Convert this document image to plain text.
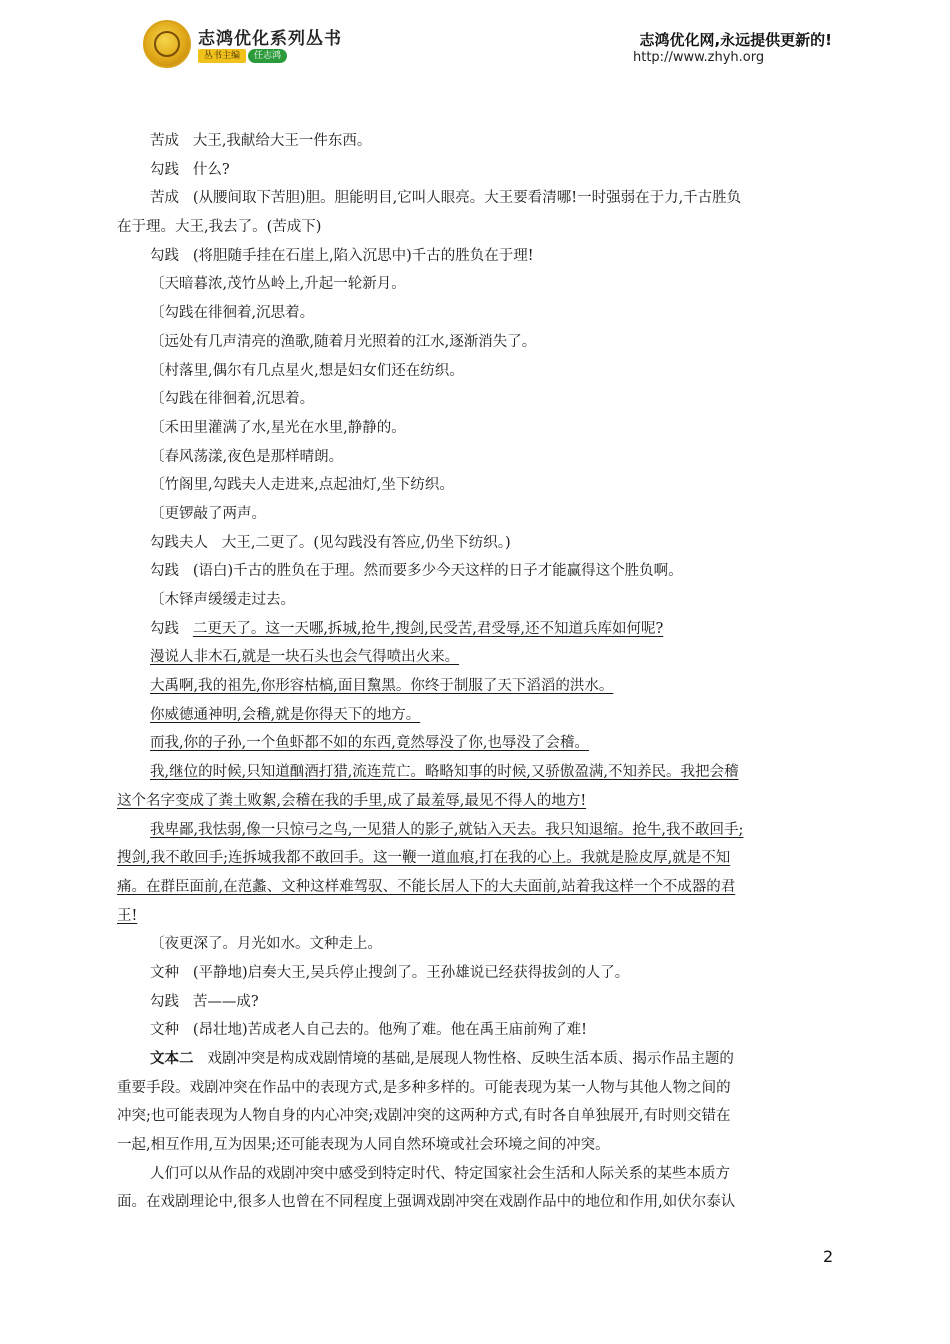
志鸿优化系列丛书
丛书主编	任志鸿
志鸿优化网,永远提供更新的!
http://www.zhyh.org
苦成 大王,我献给大王一件东西。
勾践 什么?
苦成 (从腰间取下苦胆)胆。胆能明目,它叫人眼亮。大王要看清哪!一时强弱在于力,千古胜负
在于理。大王,我去了。(苦成下)
勾践 (将胆随手挂在石崖上,陷入沉思中)千古的胜负在于理!
〔天暗暮浓,茂竹丛岭上,升起一轮新月。
〔勾践在徘徊着,沉思着。
〔远处有几声清亮的渔歌,随着月光照着的江水,逐渐消失了。
〔村落里,偶尔有几点星火,想是妇女们还在纺织。
〔勾践在徘徊着,沉思着。
〔禾田里灌满了水,星光在水里,静静的。
〔春风荡漾,夜色是那样晴朗。
〔竹阁里,勾践夫人走进来,点起油灯,坐下纺织。
〔更锣敲了两声。
勾践夫人 大王,二更了。(见勾践没有答应,仍坐下纺织。)
勾践 (语白)千古的胜负在于理。然而要多少今天这样的日子才能赢得这个胜负啊。
〔木铎声缓缓走过去。
勾践 二更天了。这一天哪,拆城,抢牛,搜剑,民受苦,君受辱,还不知道兵库如何呢?
漫说人非木石,就是一块石头也会气得喷出火来。
大禹啊,我的祖先,你形容枯槁,面目黧黑。你终于制服了天下滔滔的洪水。
你威德通神明,会稽,就是你得天下的地方。
而我,你的子孙,一个鱼虾都不如的东西,竟然辱没了你,也辱没了会稽。
我,继位的时候,只知道酗酒打猎,流连荒亡。略略知事的时候,又骄傲盈满,不知养民。我把会稽
这个名字变成了粪土败絮,会稽在我的手里,成了最羞辱,最见不得人的地方!
我卑鄙,我怯弱,像一只惊弓之鸟,一见猎人的影子,就钻入天去。我只知退缩。抢牛,我不敢回手;
搜剑,我不敢回手;连拆城我都不敢回手。这一鞭一道血痕,打在我的心上。我就是脸皮厚,就是不知
痛。在群臣面前,在范蠡、文种这样难驾驭、不能长居人下的大夫面前,站着我这样一个不成器的君
王!
〔夜更深了。月光如水。文种走上。
文种 (平静地)启奏大王,吴兵停止搜剑了。王孙雄说已经获得拔剑的人了。
勾践 苦——成?
文种 (昂壮地)苦成老人自己去的。他殉了难。他在禹王庙前殉了难!
文本二 戏剧冲突是构成戏剧情境的基础,是展现人物性格、反映生活本质、揭示作品主题的
重要手段。戏剧冲突在作品中的表现方式,是多种多样的。可能表现为某一人物与其他人物之间的
冲突;也可能表现为人物自身的内心冲突;戏剧冲突的这两种方式,有时各自单独展开,有时则交错在
一起,相互作用,互为因果;还可能表现为人同自然环境或社会环境之间的冲突。
人们可以从作品的戏剧冲突中感受到特定时代、特定国家社会生活和人际关系的某些本质方
面。在戏剧理论中,很多人也曾在不同程度上强调戏剧冲突在戏剧作品中的地位和作用,如伏尔泰认
2
